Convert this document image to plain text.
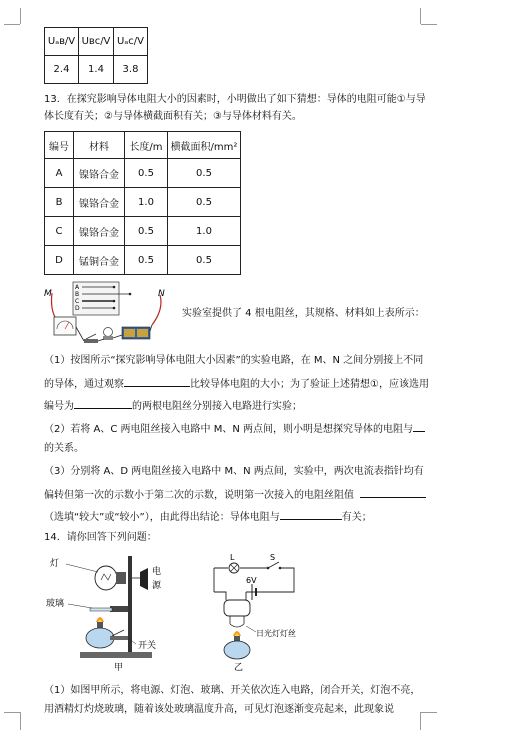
Uₐʙ/V	Uʙc/V	Uₐc/V
2.4	1.4	3.8
13．在探究影响导体电阻大小的因素时，小明做出了如下猜想：导体的电阻可能①与导
体长度有关；②与导体横截面积有关；③与导体材料有关。
编号	材料	长度/m	横截面积/mm²
A	镍铬合金	0.5	0.5
B	镍铬合金	1.0	0.5
C	镍铬合金	0.5	1.0
D	锰铜合金	0.5	0.5
M	N
A
B
C
D	实验室提供了 4 根电阻丝，其规格、材料如上表所示：
（1）按图所示“探究影响导体电阻大小因素”的实验电路，在 M、N 之间分别接上不同
的导体，通过观察	比较导体电阻的大小；为了验证上述猜想①，应该选用
编号为	的两根电阻丝分别接入电路进行实验；
（2）若将 A、C 两电阻丝接入电路中 M、N 两点间，则小明是想探究导体的电阻与
的关系。
（3）分别将 A、D 两电阻丝接入电路中 M、N 两点间，实验中，两次电流表指针均有
偏转但第一次的示数小于第二次的示数，说明第一次接入的电阻丝阻值
（选填“较大”或“较小”），由此得出结论：导体电阻与	有关；
14．请你回答下列问题：
灯
电
源
玻璃
开关
甲
L	S
6V
日光灯灯丝
乙
（1）如图甲所示，将电源、灯泡、玻璃、开关依次连入电路，闭合开关，灯泡不亮，
用酒精灯灼烧玻璃，随着该处玻璃温度升高，可见灯泡逐渐变亮起来，此现象说
